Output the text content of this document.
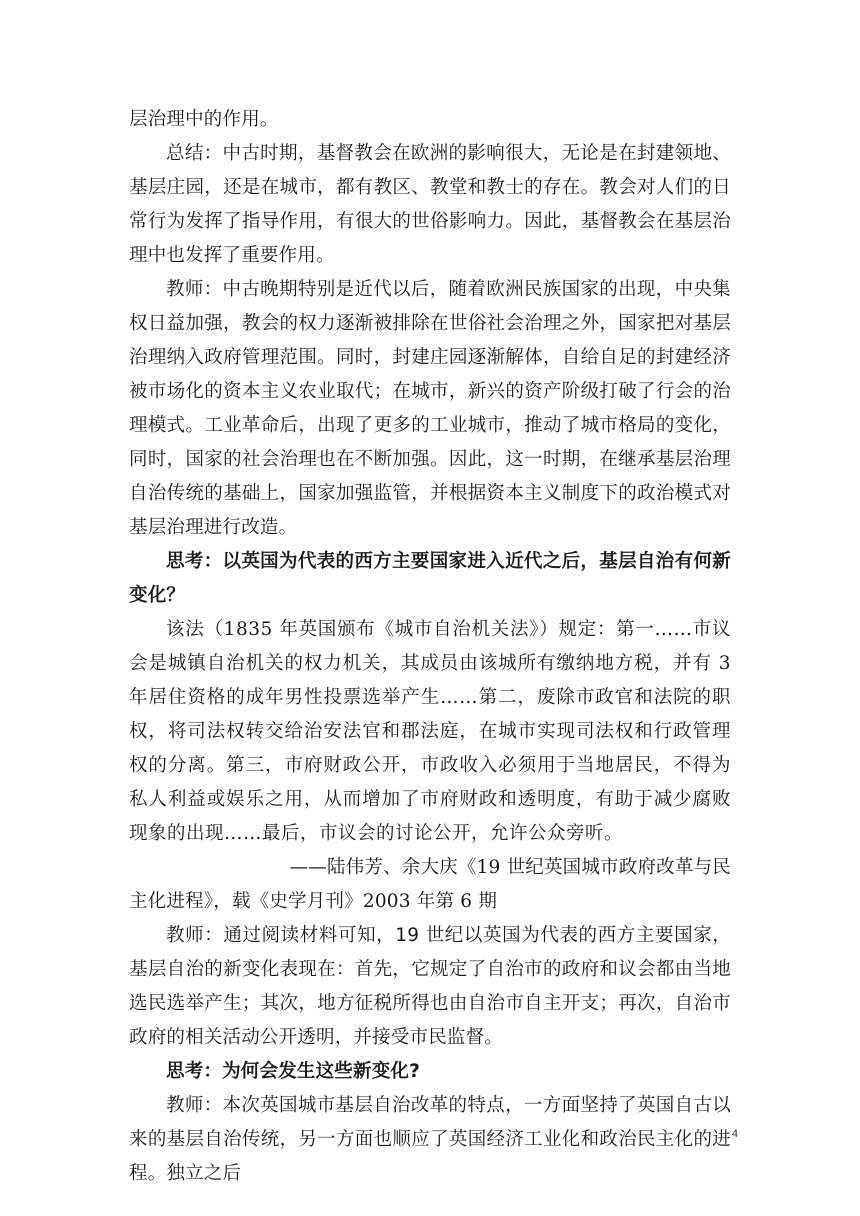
层治理中的作用。

总结：中古时期，基督教会在欧洲的影响很大，无论是在封建领地、基层庄园，还是在城市，都有教区、教堂和教士的存在。教会对人们的日常行为发挥了指导作用，有很大的世俗影响力。因此，基督教会在基层治理中也发挥了重要作用。

教师：中古晚期特别是近代以后，随着欧洲民族国家的出现，中央集权日益加强，教会的权力逐渐被排除在世俗社会治理之外，国家把对基层治理纳入政府管理范围。同时，封建庄园逐渐解体，自给自足的封建经济被市场化的资本主义农业取代；在城市，新兴的资产阶级打破了行会的治理模式。工业革命后，出现了更多的工业城市，推动了城市格局的变化，同时，国家的社会治理也在不断加强。因此，这一时期，在继承基层治理自治传统的基础上，国家加强监管，并根据资本主义制度下的政治模式对基层治理进行改造。

思考：以英国为代表的西方主要国家进入近代之后，基层自治有何新变化？

该法（1835 年英国颁布《城市自治机关法》）规定：第一……市议会是城镇自治机关的权力机关，其成员由该城所有缴纳地方税，并有 3 年居住资格的成年男性投票选举产生……第二，废除市政官和法院的职权，将司法权转交给治安法官和郡法庭，在城市实现司法权和行政管理权的分离。第三，市府财政公开，市政收入必须用于当地居民，不得为私人利益或娱乐之用，从而增加了市府财政和透明度，有助于减少腐败现象的出现……最后，市议会的讨论公开，允许公众旁听。

——陆伟芳、余大庆《19 世纪英国城市政府改革与民

主化进程》，载《史学月刊》2003 年第 6 期

教师：通过阅读材料可知，19 世纪以英国为代表的西方主要国家，基层自治的新变化表现在：首先，它规定了自治市的政府和议会都由当地选民选举产生；其次，地方征税所得也由自治市自主开支；再次，自治市政府的相关活动公开透明，并接受市民监督。

思考：为何会发生这些新变化?

教师：本次英国城市基层自治改革的特点，一方面坚持了英国自古以来的基层自治传统，另一方面也顺应了英国经济工业化和政治民主化的进程。独立之后

4
